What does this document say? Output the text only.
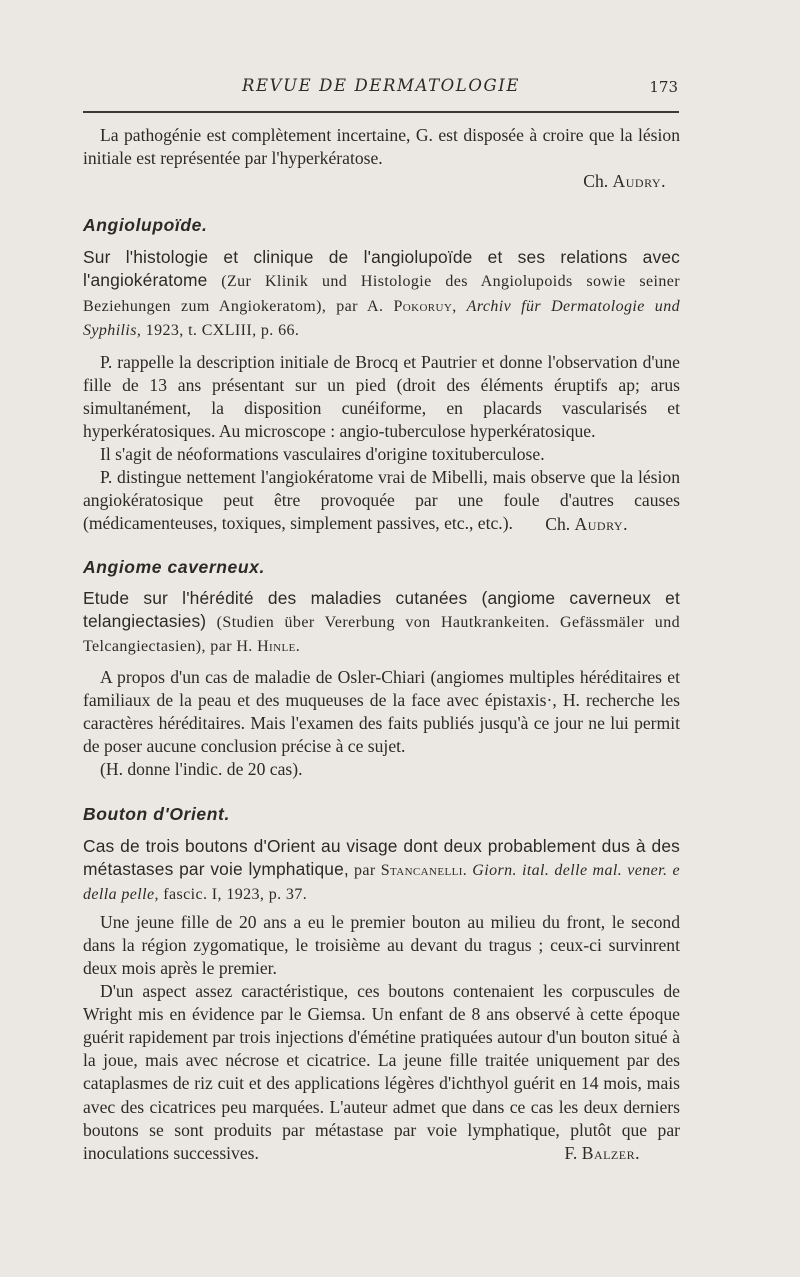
REVUE DE DERMATOLOGIE	173

La pathogénie est complètement incertaine, G. est disposée à croire que la lésion initiale est représentée par l'hyperkératose.

Ch. Audry.

Angiolupoïde.

Sur l'histologie et clinique de l'angiolupoïde et ses relations avec l'angiokératome (Zur Klinik und Histologie des Angiolupoids sowie seiner Beziehungen zum Angiokeratom), par A. Pokoruy, Archiv für Dermatologie und Syphilis, 1923, t. CXLIII, p. 66.

P. rappelle la description initiale de Brocq et Pautrier et donne l'observation d'une fille de 13 ans présentant sur un pied (droit des éléments éruptifs ap; arus simultanément, la disposition cunéiforme, en placards vascularisés et hyperkératosiques. Au microscope : angio-tuberculose hyperkératosique.

Il s'agit de néoformations vasculaires d'origine toxituberculose.

P. distingue nettement l'angiokératome vrai de Mibelli, mais observe que la lésion angiokératosique peut être provoquée par une foule d'autres causes (médicamenteuses, toxiques, simplement passives, etc., etc.).	Ch. Audry.

Angiome caverneux.

Etude sur l'hérédité des maladies cutanées (angiome caverneux et telangiectasies) (Studien über Vererbung von Hautkrankeiten. Gefässmäler und Telcangiectasien), par H. Hinle.

A propos d'un cas de maladie de Osler-Chiari (angiomes multiples héréditaires et familiaux de la peau et des muqueuses de la face avec épistaxis·, H. recherche les caractères héréditaires. Mais l'examen des faits publiés jusqu'à ce jour ne lui permit de poser aucune conclusion précise à ce sujet.

(H. donne l'indic. de 20 cas).

Bouton d'Orient.

Cas de trois boutons d'Orient au visage dont deux probablement dus à des métastases par voie lymphatique, par Stancanelli. Giorn. ital. delle mal. vener. e della pelle, fascic. I, 1923, p. 37.

Une jeune fille de 20 ans a eu le premier bouton au milieu du front, le second dans la région zygomatique, le troisième au devant du tragus ; ceux-ci survinrent deux mois après le premier.

D'un aspect assez caractéristique, ces boutons contenaient les corpuscules de Wright mis en évidence par le Giemsa. Un enfant de 8 ans observé à cette époque guérit rapidement par trois injections d'émétine pratiquées autour d'un bouton situé à la joue, mais avec nécrose et cicatrice. La jeune fille traitée uniquement par des cataplasmes de riz cuit et des applications légères d'ichthyol guérit en 14 mois, mais avec des cicatrices peu marquées. L'auteur admet que dans ce cas les deux derniers boutons se sont produits par métastase par voie lymphatique, plutôt que par inoculations successives.	F. Balzer.
